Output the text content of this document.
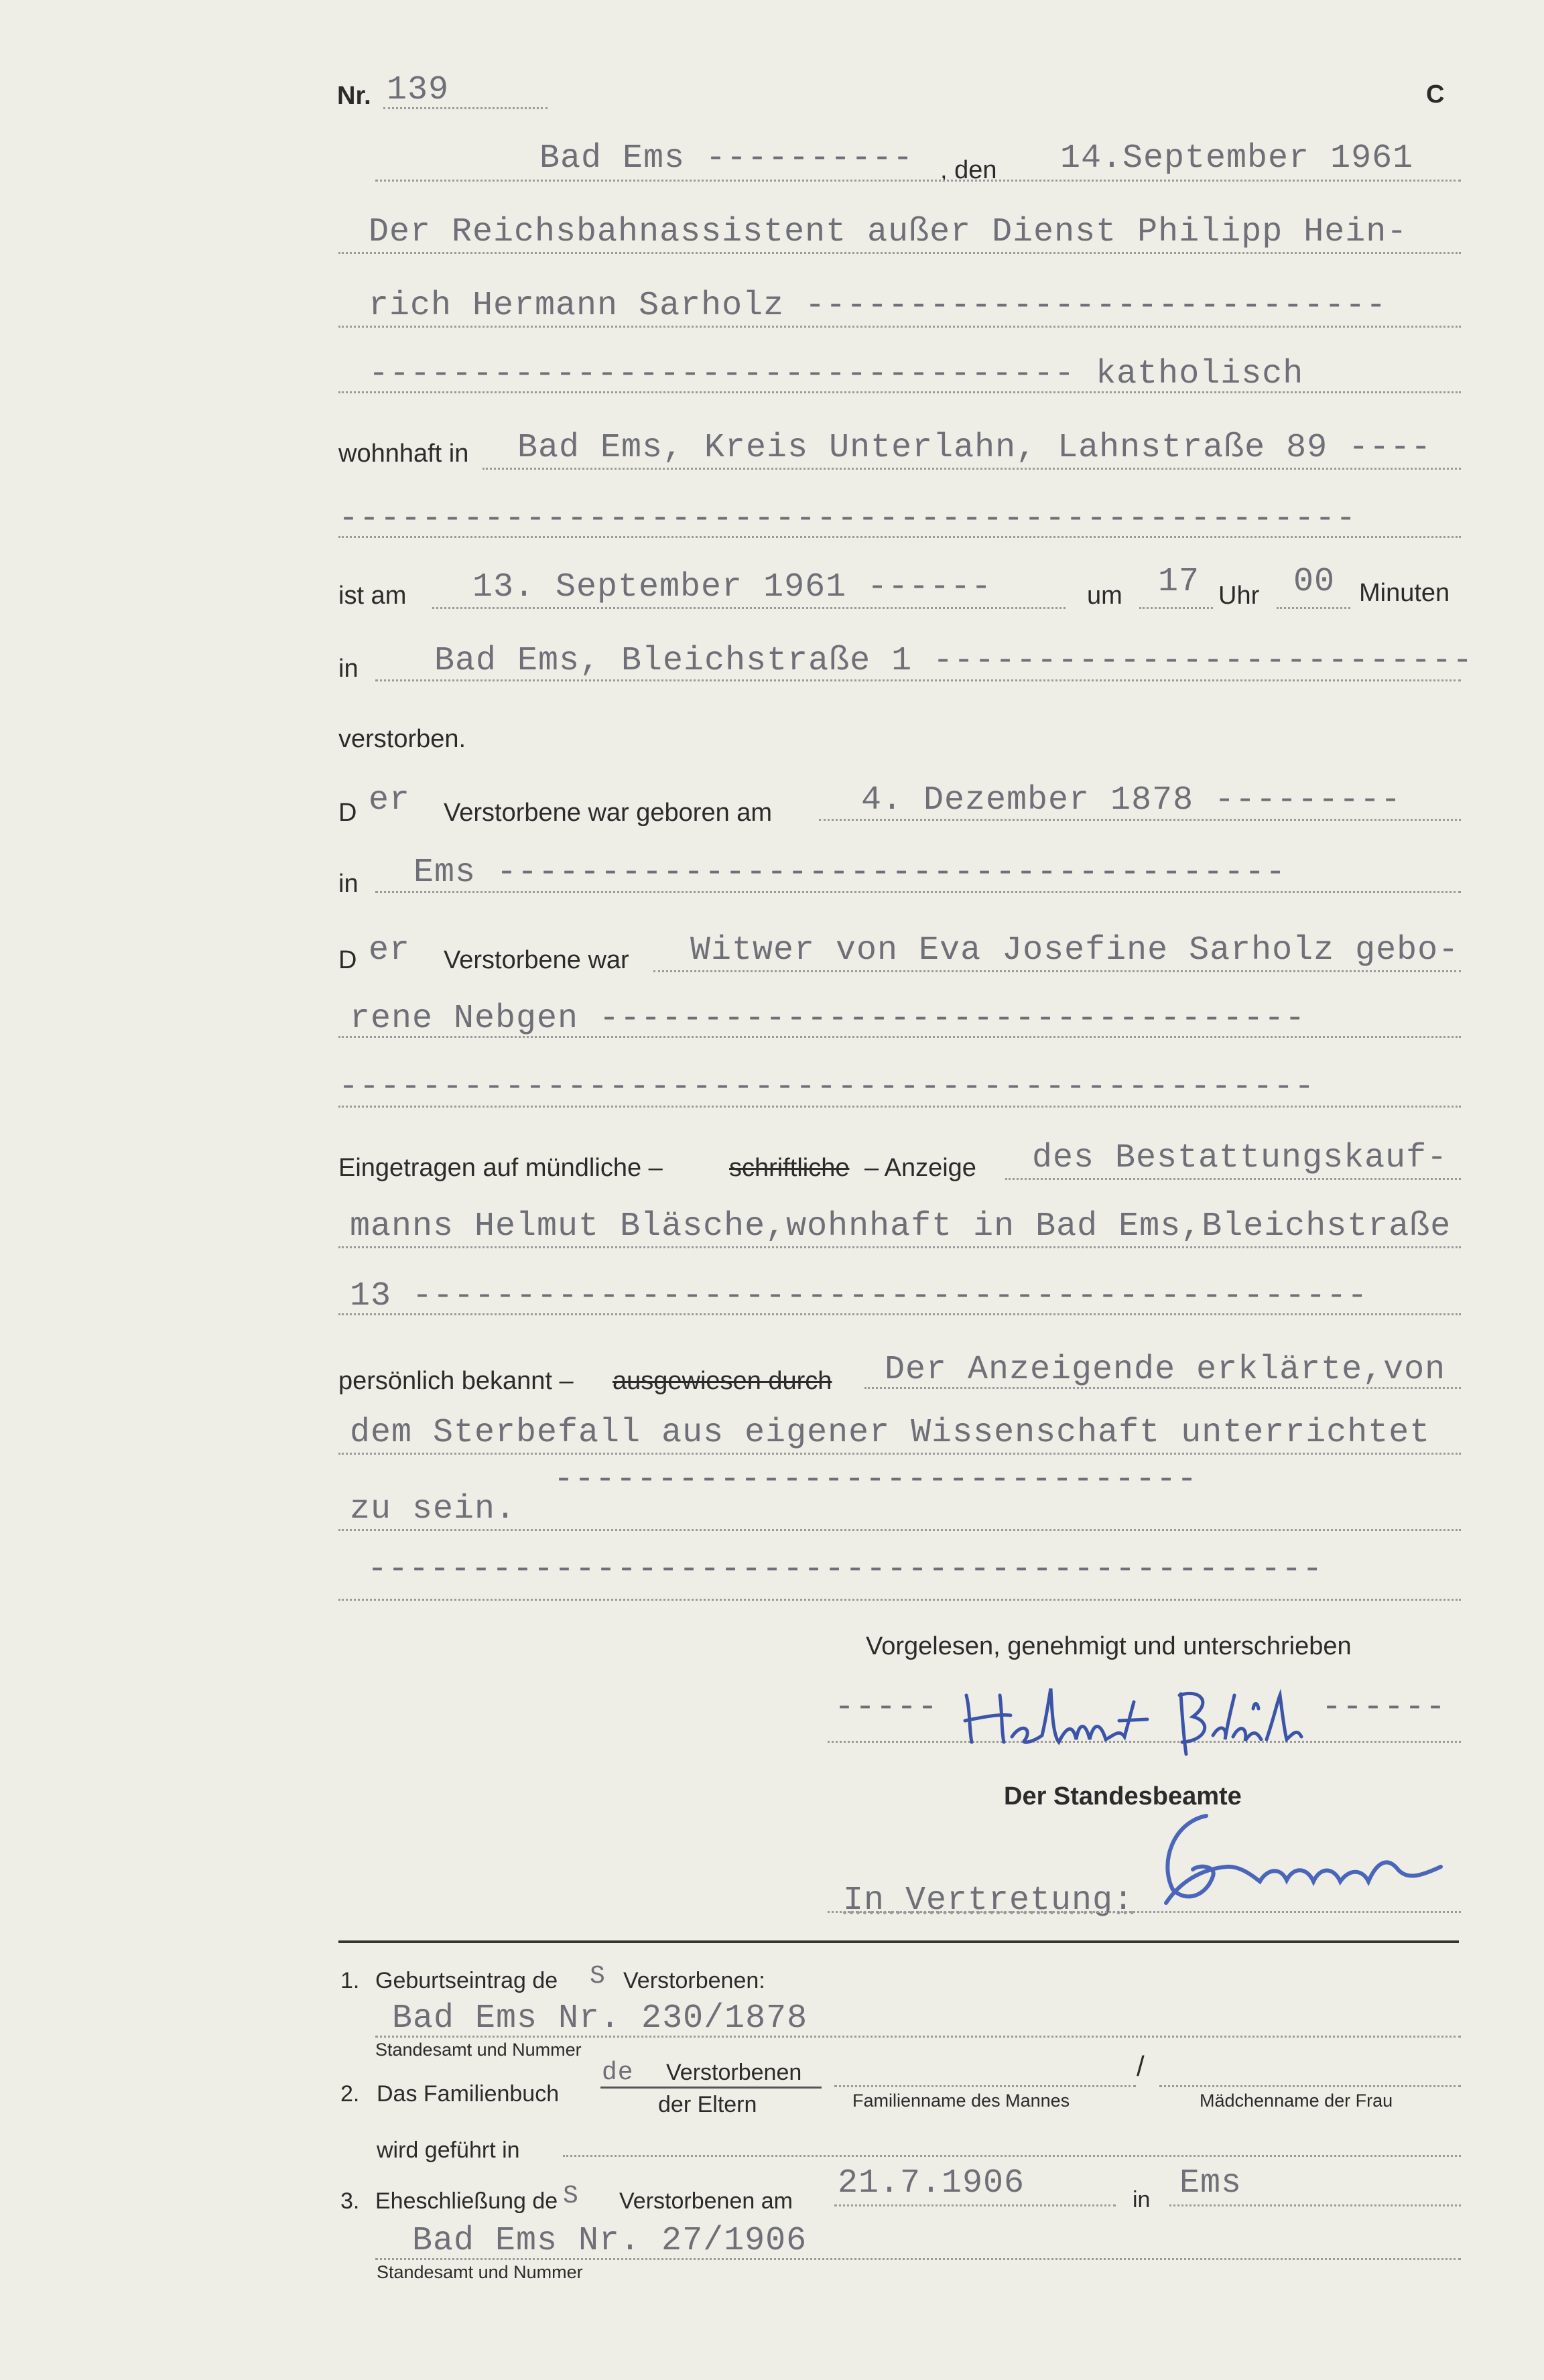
Nr. 139	C
Bad Ems ---------- , den 14.September 1961
Der Reichsbahnassistent außer Dienst Philipp Hein-
rich Hermann Sarholz ----------------------------
---------------------------------- katholisch
wohnhaft in Bad Ems, Kreis Unterlahn, Lahnstraße 89 ----
-------------------------------------------------
ist am 13. September 1961 ------	um 17 Uhr 00 Minuten
in Bad Ems, Bleichstraße 1 --------------------------
verstorben.
D er Verstorbene war geboren am	4. Dezember 1878 ---------
in Ems --------------------------------------
D er Verstorbene war Witwer von Eva Josefine Sarholz gebo-
rene Nebgen ----------------------------------
-----------------------------------------------
Eingetragen auf mündliche –	schriftliche – Anzeige des Bestattungskauf-
manns Helmut Bläsche,wohnhaft in Bad Ems,Bleichstraße
13 ----------------------------------------------
persönlich bekannt – ausgewiesen durch Der Anzeigende erklärte,von
dem Sterbefall aus eigener Wissenschaft unterrichtet
zu sein.
-------------------------------
----------------------------------------------
Vorgelesen, genehmigt und unterschrieben
-----	------
Der Standesbeamte
In Vertretung:
1. Geburtseintrag de S Verstorbenen:
Bad Ems Nr. 230/1878
Standesamt und Nummer
2. Das Familienbuch
de Verstorbenen
der Eltern	Familienname des Mannes
/
Mädchenname der Frau
wird geführt in
3. Eheschließung de S Verstorbenen am 21.7.1906	in Ems
Bad Ems Nr. 27/1906
Standesamt und Nummer
